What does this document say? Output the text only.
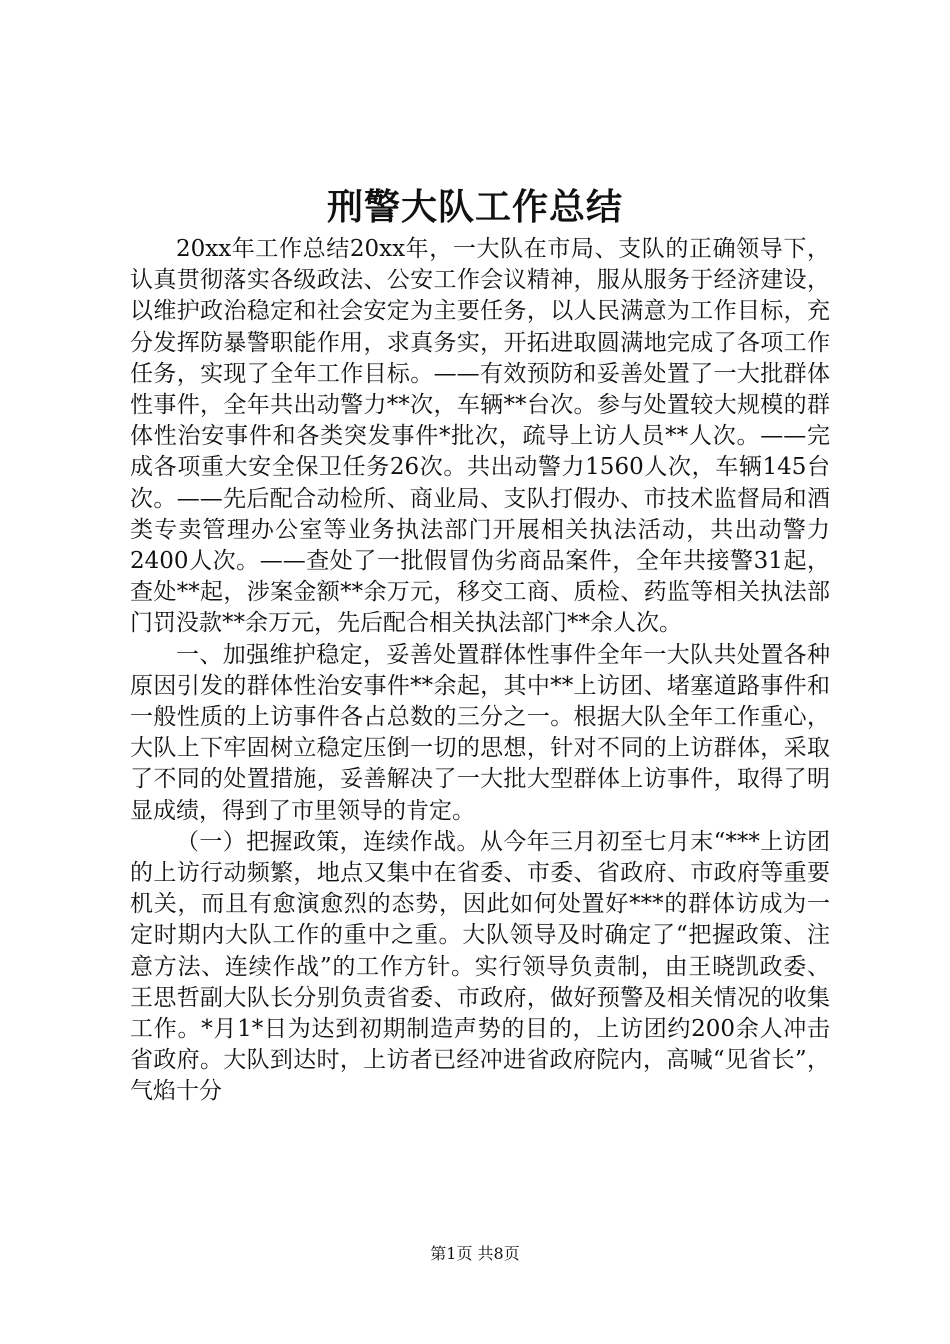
刑警大队工作总结

20xx年工作总结20xx年，一大队在市局、支队的正确领导下，认真贯彻落实各级政法、公安工作会议精神，服从服务于经济建设，以维护政治稳定和社会安定为主要任务，以人民满意为工作目标，充分发挥防暴警职能作用，求真务实，开拓进取圆满地完成了各项工作任务，实现了全年工作目标。——有效预防和妥善处置了一大批群体性事件，全年共出动警力**次，车辆**台次。参与处置较大规模的群体性治安事件和各类突发事件*批次，疏导上访人员**人次。——完成各项重大安全保卫任务26次。共出动警力1560人次，车辆145台次。——先后配合动检所、商业局、支队打假办、市技术监督局和酒类专卖管理办公室等业务执法部门开展相关执法活动，共出动警力2400人次。——查处了一批假冒伪劣商品案件，全年共接警31起，查处**起，涉案金额**余万元，移交工商、质检、药监等相关执法部门罚没款**余万元，先后配合相关执法部门**余人次。

一、加强维护稳定，妥善处置群体性事件全年一大队共处置各种原因引发的群体性治安事件**余起，其中**上访团、堵塞道路事件和一般性质的上访事件各占总数的三分之一。根据大队全年工作重心，大队上下牢固树立稳定压倒一切的思想，针对不同的上访群体，采取了不同的处置措施，妥善解决了一大批大型群体上访事件，取得了明显成绩，得到了市里领导的肯定。

（一）把握政策，连续作战。从今年三月初至七月末“***上访团的上访行动频繁，地点又集中在省委、市委、省政府、市政府等重要机关，而且有愈演愈烈的态势，因此如何处置好***的群体访成为一定时期内大队工作的重中之重。大队领导及时确定了“把握政策、注意方法、连续作战”的工作方针。实行领导负责制，由王晓凯政委、王思哲副大队长分别负责省委、市政府，做好预警及相关情况的收集工作。*月1*日为达到初期制造声势的目的，上访团约200余人冲击省政府。大队到达时，上访者已经冲进省政府院内，高喊“见省长”，气焰十分

第1页 共8页
